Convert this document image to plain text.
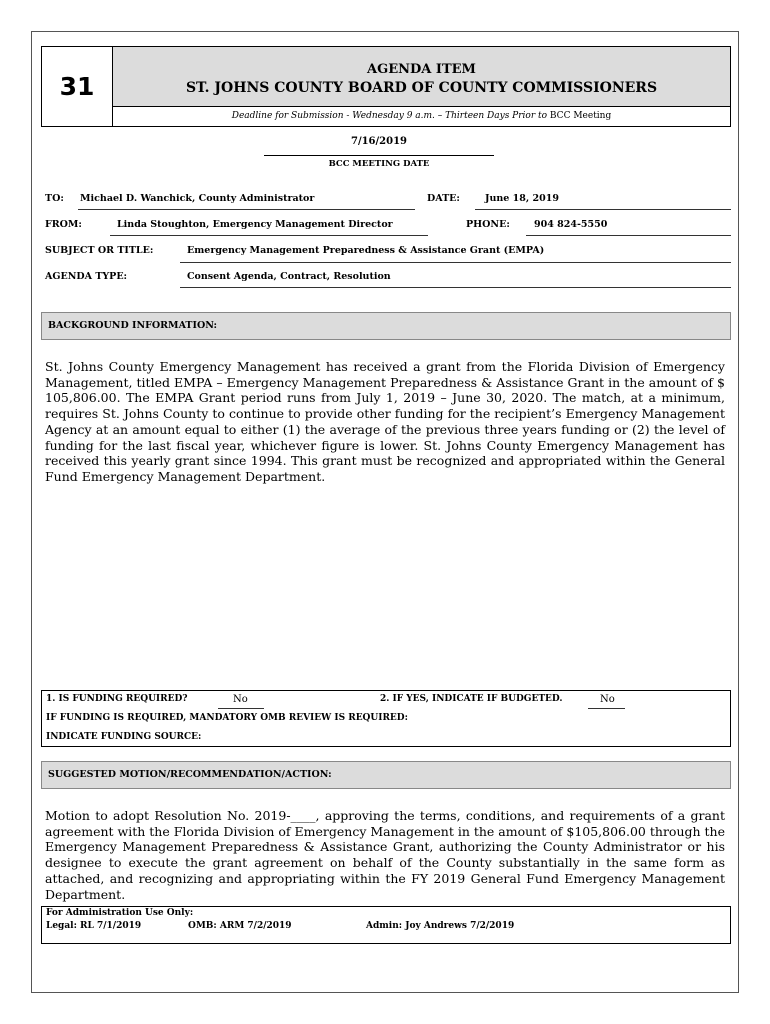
31
AGENDA ITEM
ST. JOHNS COUNTY BOARD OF COUNTY COMMISSIONERS
Deadline for Submission - Wednesday 9 a.m. – Thirteen Days Prior to BCC Meeting
7/16/2019
BCC MEETING DATE
TO: Michael D. Wanchick, County Administrator	DATE:	June 18, 2019
FROM:	Linda Stoughton, Emergency Management Director	PHONE:	904 824-5550
SUBJECT OR TITLE:	Emergency Management Preparedness & Assistance Grant (EMPA)
AGENDA TYPE:	Consent Agenda, Contract, Resolution
BACKGROUND INFORMATION:
St. Johns County Emergency Management has received a grant from the Florida Division of Emergency Management, titled EMPA – Emergency Management Preparedness & Assistance Grant in the amount of $ 105,806.00. The EMPA Grant period runs from July 1, 2019 – June 30, 2020. The match, at a minimum, requires St. Johns County to continue to provide other funding for the recipient’s Emergency Management Agency at an amount equal to either (1) the average of the previous three years funding or (2) the level of funding for the last fiscal year, whichever figure is lower. St. Johns County Emergency Management has received this yearly grant since 1994. This grant must be recognized and appropriated within the General Fund Emergency Management Department.
1. IS FUNDING REQUIRED?	No	2. IF YES, INDICATE IF BUDGETED.	No
IF FUNDING IS REQUIRED, MANDATORY OMB REVIEW IS REQUIRED:
INDICATE FUNDING SOURCE:
SUGGESTED MOTION/RECOMMENDATION/ACTION:
Motion to adopt Resolution No. 2019-____, approving the terms, conditions, and requirements of a grant agreement with the Florida Division of Emergency Management in the amount of $105,806.00 through the Emergency Management Preparedness & Assistance Grant, authorizing the County Administrator or his designee to execute the grant agreement on behalf of the County substantially in the same form as attached, and recognizing and appropriating within the FY 2019 General Fund Emergency Management Department.
For Administration Use Only:
Legal: RL 7/1/2019	OMB: ARM 7/2/2019	Admin: Joy Andrews 7/2/2019
